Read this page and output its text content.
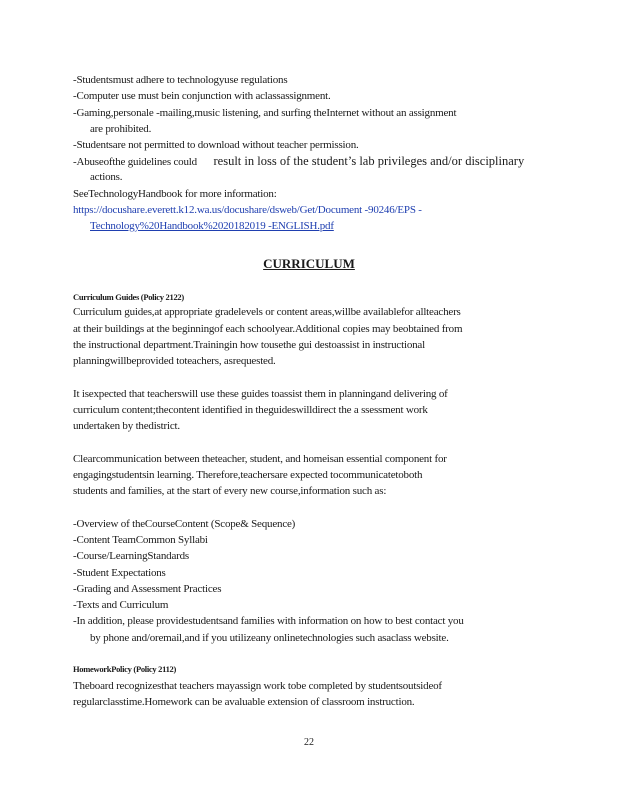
-Studentsmust adhere to technologyuse regulations

-Computer use must bein conjunction with aclassassignment.

-Gaming,personale -mailing,music listening, and surfing theInternet without an assignment

are prohibited.

-Studentsare not permitted to download without teacher permission.

-Abuseofthe guidelines could result in loss of the student’s lab privileges and/or disciplinary

actions.

SeeTechnologyHandbook for more information:

https://docushare.everett.k12.wa.us/docushare/dsweb/Get/Document -90246/EPS -

Technology%20Handbook%2020182019 -ENGLISH.pdf

CURRICULUM

Curriculum Guides (Policy 2122)

Curriculum guides,at appropriate gradelevels or content areas,willbe availablefor allteachers

at their buildings at the beginningof each schoolyear.Additional copies may beobtained from

the instructional department.Trainingin how tousethe gui destoassist in instructional

planningwillbeprovided toteachers, asrequested.

It isexpected that teacherswill use these guides toassist them in planningand delivering of

curriculum content;thecontent identified in theguideswilldirect the a ssessment work

undertaken by thedistrict.

Clearcommunication between theteacher, student, and homeisan essential component for

engagingstudentsin learning. Therefore,teachersare expected tocommunicatetoboth

students and families, at the start of every new course,information such as:

-Overview of theCourseContent (Scope& Sequence)

-Content TeamCommon Syllabi

-Course/LearningStandards

-Student Expectations

-Grading and Assessment Practices

-Texts and Curriculum

-In addition, please providestudentsand families with information on how to best contact you

by phone and/oremail,and if you utilizeany onlinetechnologies such asaclass website.

HomeworkPolicy (Policy 2112)

Theboard recognizesthat teachers mayassign work tobe completed by studentsoutsideof

regularclasstime.Homework can be avaluable extension of classroom instruction.

22
